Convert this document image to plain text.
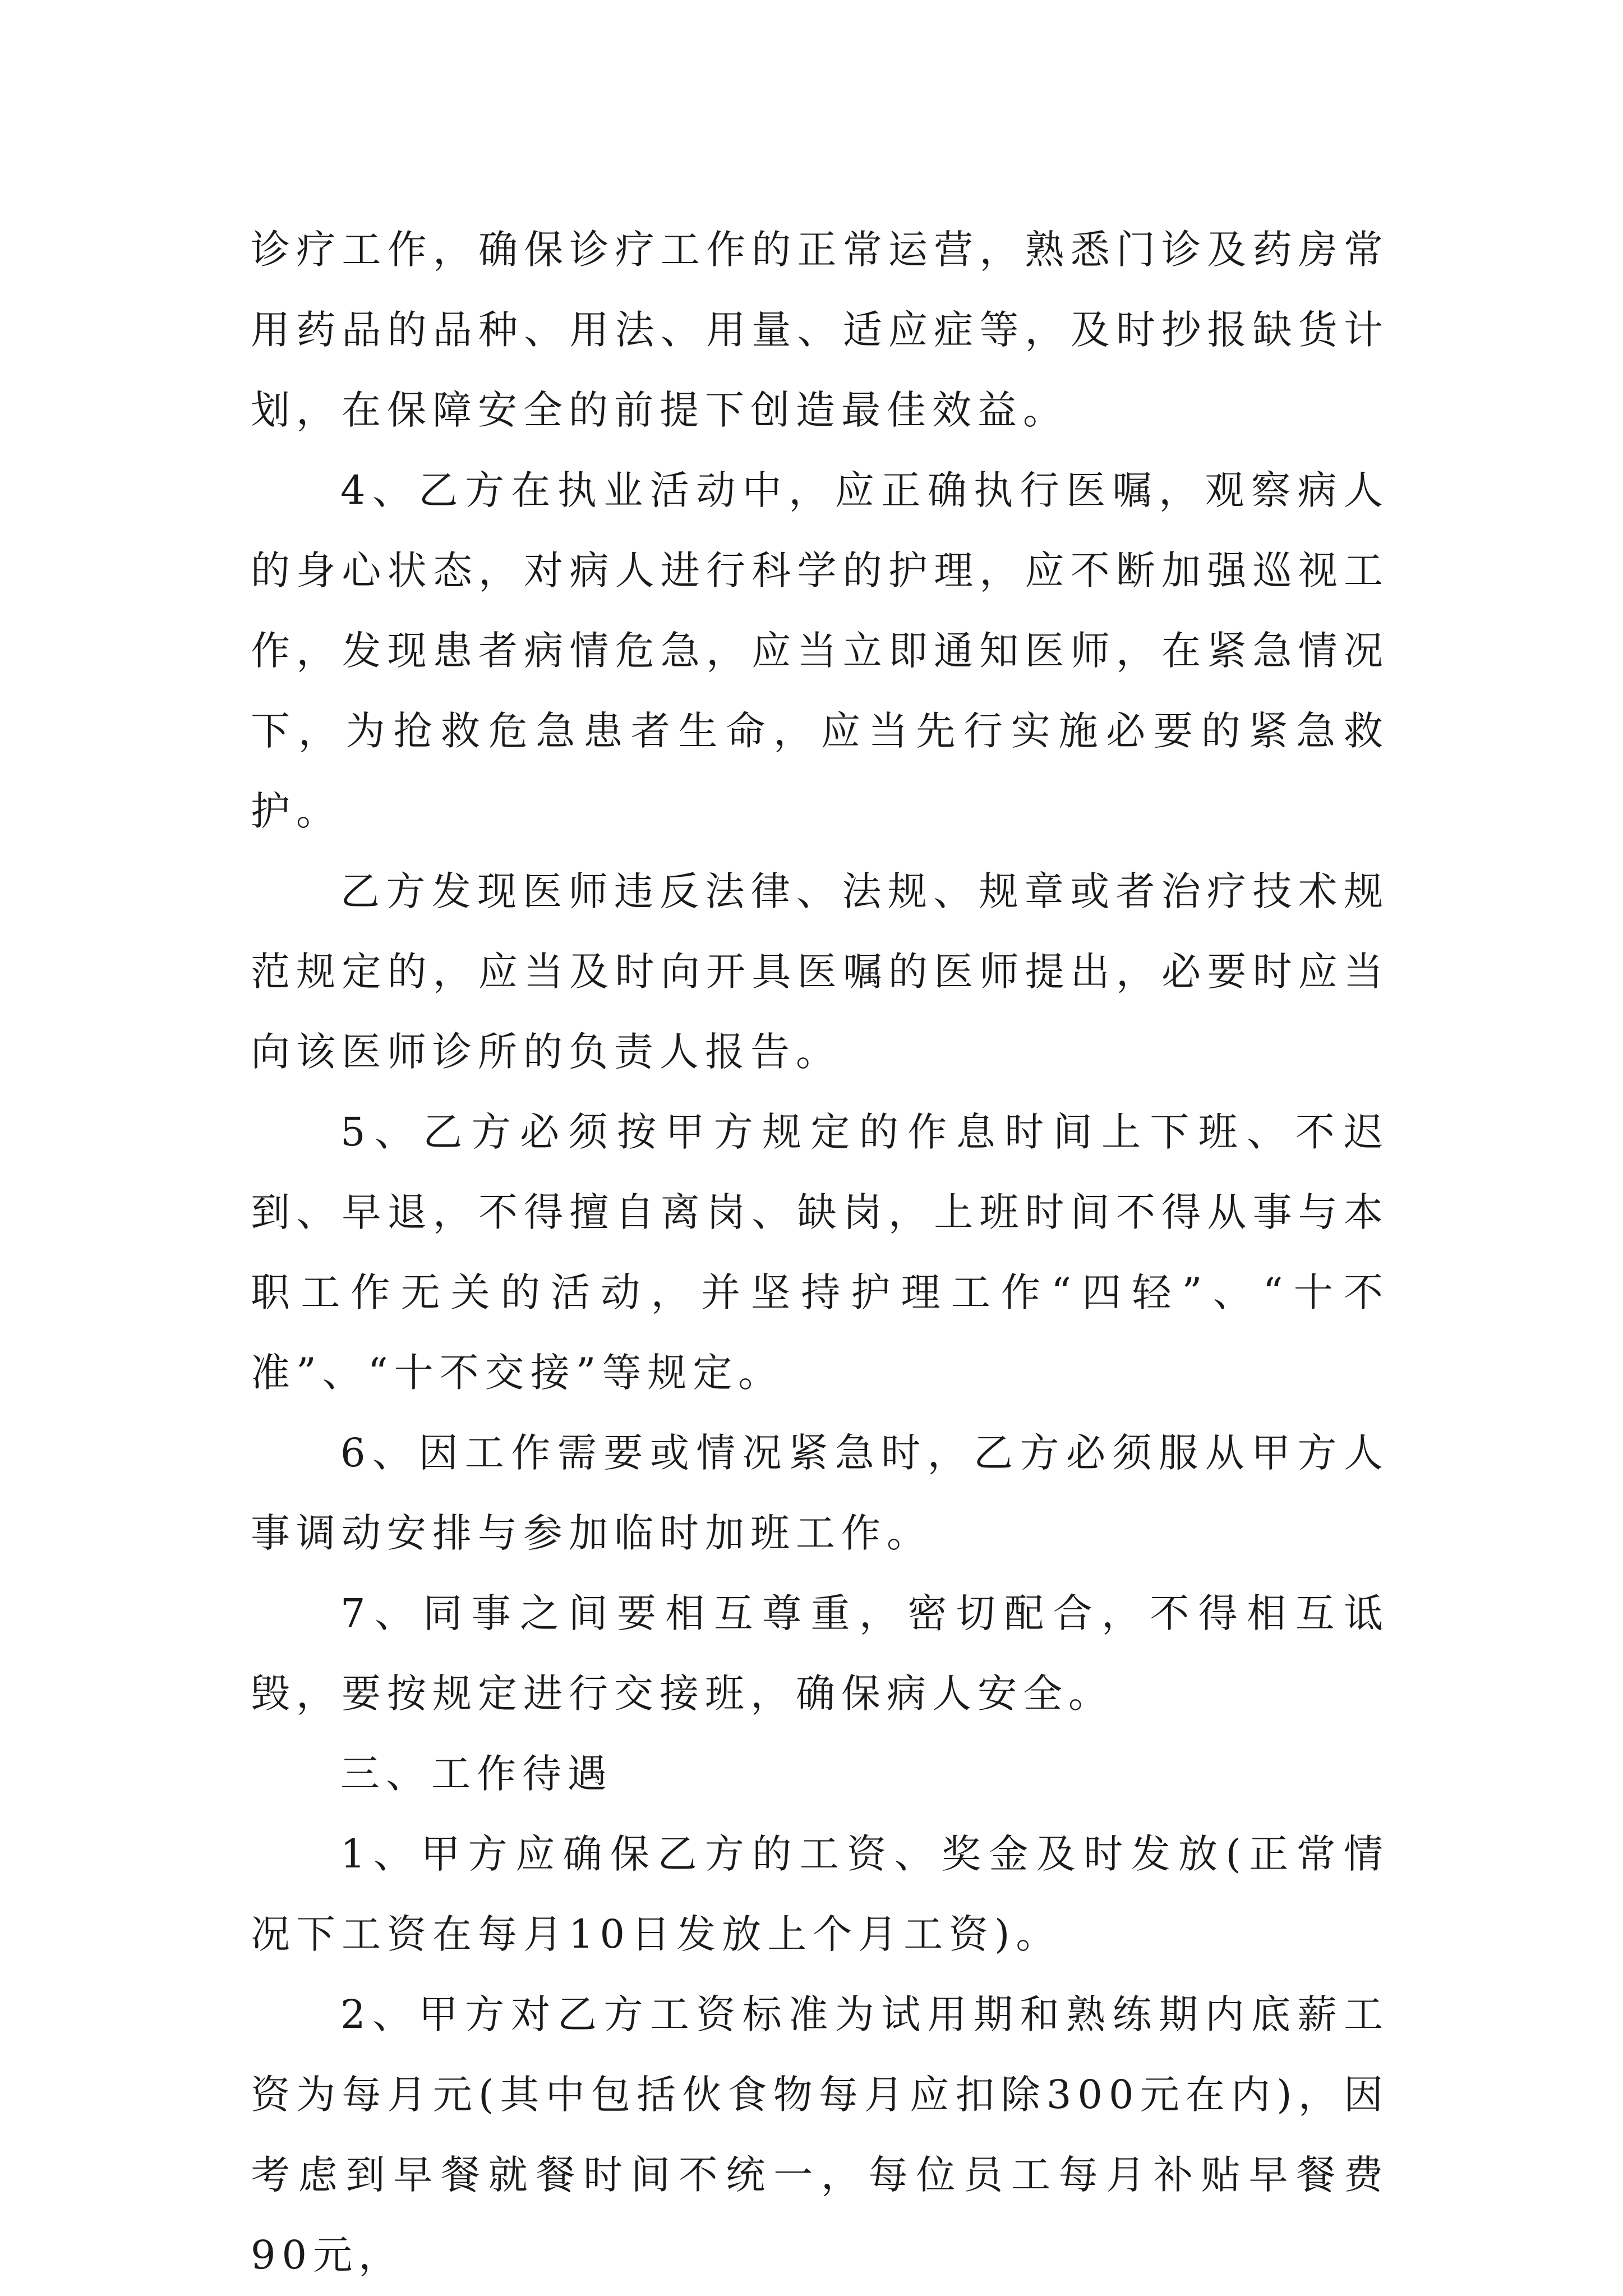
诊疗工作，确保诊疗工作的正常运营，熟悉门诊及药房常用药品的品种、用法、用量、适应症等，及时抄报缺货计划，在保障安全的前提下创造最佳效益。

4、乙方在执业活动中，应正确执行医嘱，观察病人的身心状态，对病人进行科学的护理，应不断加强巡视工作，发现患者病情危急，应当立即通知医师，在紧急情况下，为抢救危急患者生命，应当先行实施必要的紧急救护。

乙方发现医师违反法律、法规、规章或者治疗技术规范规定的，应当及时向开具医嘱的医师提出，必要时应当向该医师诊所的负责人报告。

5、乙方必须按甲方规定的作息时间上下班、不迟到、早退，不得擅自离岗、缺岗，上班时间不得从事与本职工作无关的活动，并坚持护理工作“四轻”、“十不准”、“十不交接”等规定。

6、因工作需要或情况紧急时，乙方必须服从甲方人事调动安排与参加临时加班工作。

7、同事之间要相互尊重，密切配合，不得相互诋毁，要按规定进行交接班，确保病人安全。

三、工作待遇

1、甲方应确保乙方的工资、奖金及时发放(正常情况下工资在每月10日发放上个月工资)。

2、甲方对乙方工资标准为试用期和熟练期内底薪工资为每月元(其中包括伙食物每月应扣除300元在内)，因考虑到早餐就餐时间不统一，每位员工每月补贴早餐费90元，
